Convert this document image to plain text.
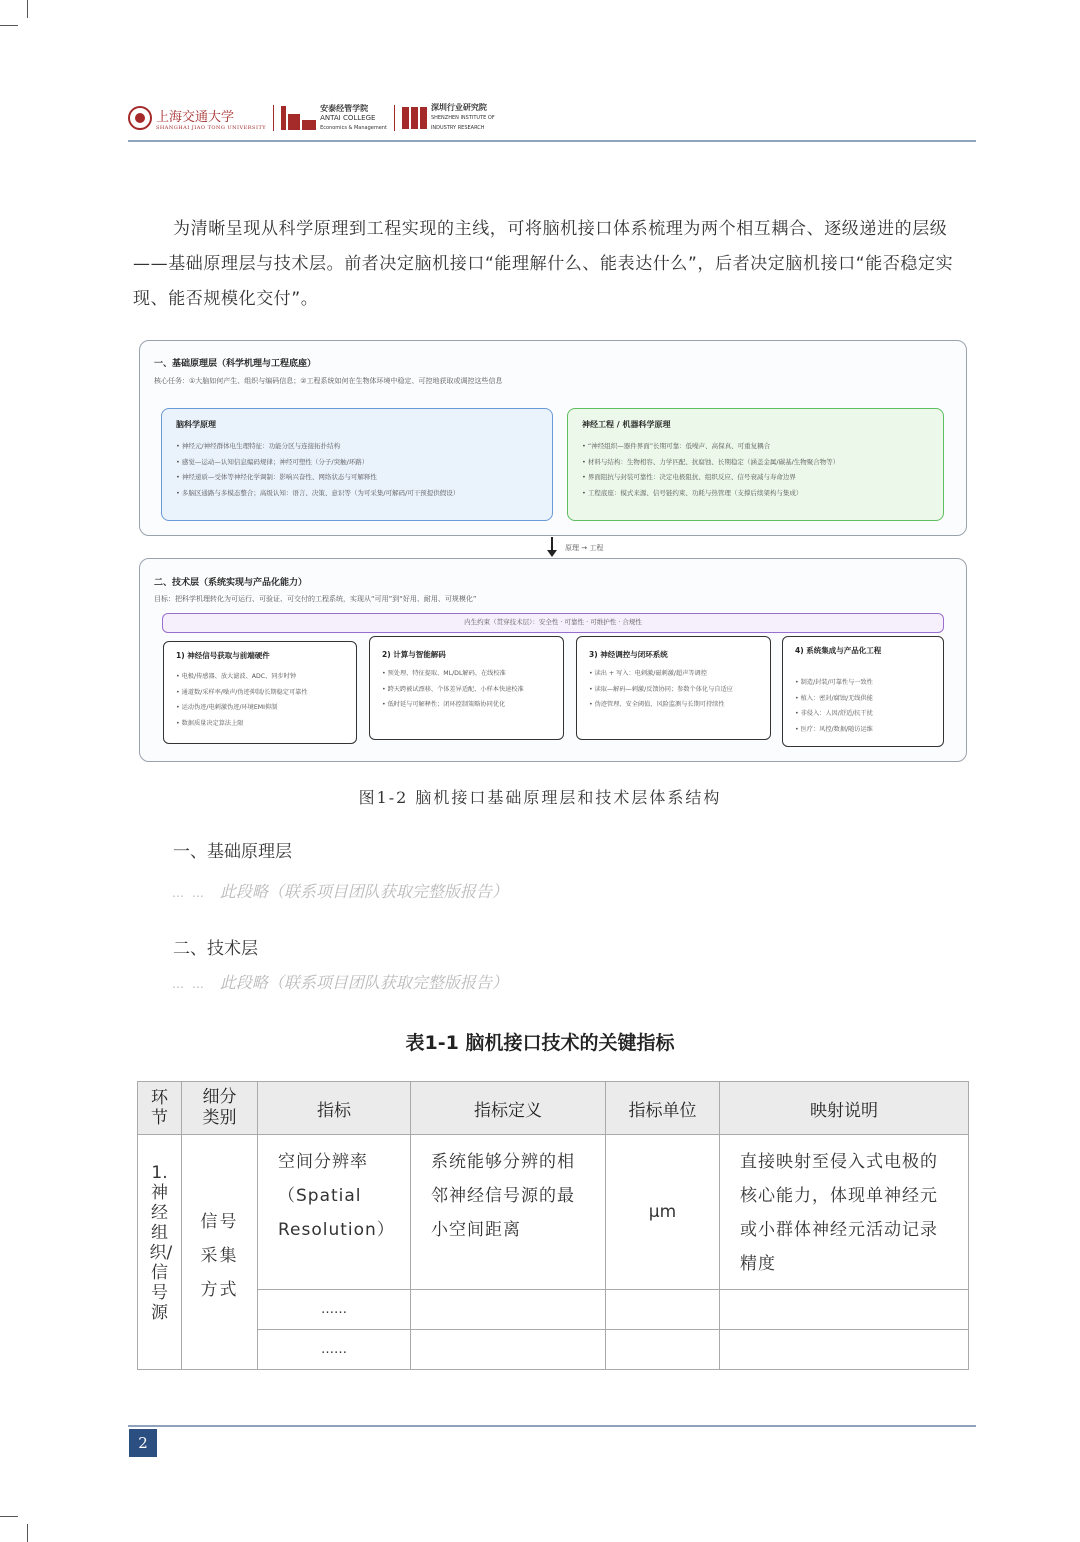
上海交通大学
SHANGHAI JIAO TONG UNIVERSITY
安泰经管学院
ANTAI COLLEGE
Economics & Management
深圳行业研究院
SHENZHEN INSTITUTE OF
INDUSTRY RESEARCH
为清晰呈现从科学原理到工程实现的主线，可将脑机接口体系梳理为两个相互耦合、逐级递进的层级——基础原理层与技术层。前者决定脑机接口“能理解什么、能表达什么”，后者决定脑机接口“能否稳定实现、能否规模化交付”。
一、基础原理层（科学机理与工程底座）
核心任务：①大脑如何产生、组织与编码信息；②工程系统如何在生物体环境中稳定、可控地获取或调控这些信息
脑科学原理
• 神经元/神经群体电生理特征：功能分区与连接拓扑结构
• 感觉—运动—认知信息编码规律；神经可塑性（分子/突触/环路）
• 神经递质—受体等神经化学调制：影响兴奋性、网络状态与可解释性
• 多脑区通路与多模态整合；高级认知：语言、决策、意识等（为可采集/可解码/可干预提供假设）
神经工程 / 机器科学原理
• “神经组织—器件界面”长期可靠：低噪声、高保真、可重复耦合
• 材料与结构：生物相容、力学匹配、抗腐蚀、长期稳定（涵盖金属/碳基/生物聚合物等）
• 界面阻抗与封装可靠性：决定电极阻抗、组织反应、信号衰减与寿命边界
• 工程底座：模式来源、信号链约束、功耗与热管理（支撑后续架构与集成）
原理 → 工程
二、技术层（系统实现与产品化能力）
目标：把科学机理转化为可运行、可验证、可交付的工程系统，实现从“可用”到“好用、耐用、可规模化”
内生约束（贯穿技术层）：安全性 · 可靠性 · 可维护性 · 合规性
1) 神经信号获取与前端硬件
• 电极/传感器、放大滤波、ADC、同步时钟
• 通道数/采样率/噪声/伪迹抑制/长期稳定可靠性
• 运动伪迹/电刺激伪迹/环境EMI抑制
• 数据质量决定算法上限
2) 计算与智能解码
• 预处理、特征提取、ML/DL解码、在线校准
• 跨天跨被试漂移、个体差异适配、小样本快速校准
• 低时延与可解释性；闭环控制策略协同优化
3) 神经调控与闭环系统
• 读出 + 写入：电刺激/磁刺激/超声等调控
• 读取—解码—刺激/反馈协同；参数个体化与自适应
• 伪迹管理、安全阈值、风险监测与长期可持续性
4) 系统集成与产品化工程
• 制造/封装/可靠性与一致性
• 植入：密封/腐蚀/无线供能
• 非侵入：人因/舒适/抗干扰
• 医疗：风控/数据/随访运维
图1-2 脑机接口基础原理层和技术层体系结构
一、基础原理层
… … 此段略（联系项目团队获取完整版报告）
二、技术层
… … 此段略（联系项目团队获取完整版报告）
表1-1 脑机接口技术的关键指标
环节	细分类别	指标	指标定义	指标单位	映射说明

1.神经组织/信号源	信号采集方式	空间分辨率（Spatial Resolution）	系统能够分辨的相邻神经信号源的最小空间距离	μm	直接映射至侵入式电极的核心能力，体现单神经元或小群体神经元活动记录精度

		……			
		……			
2
